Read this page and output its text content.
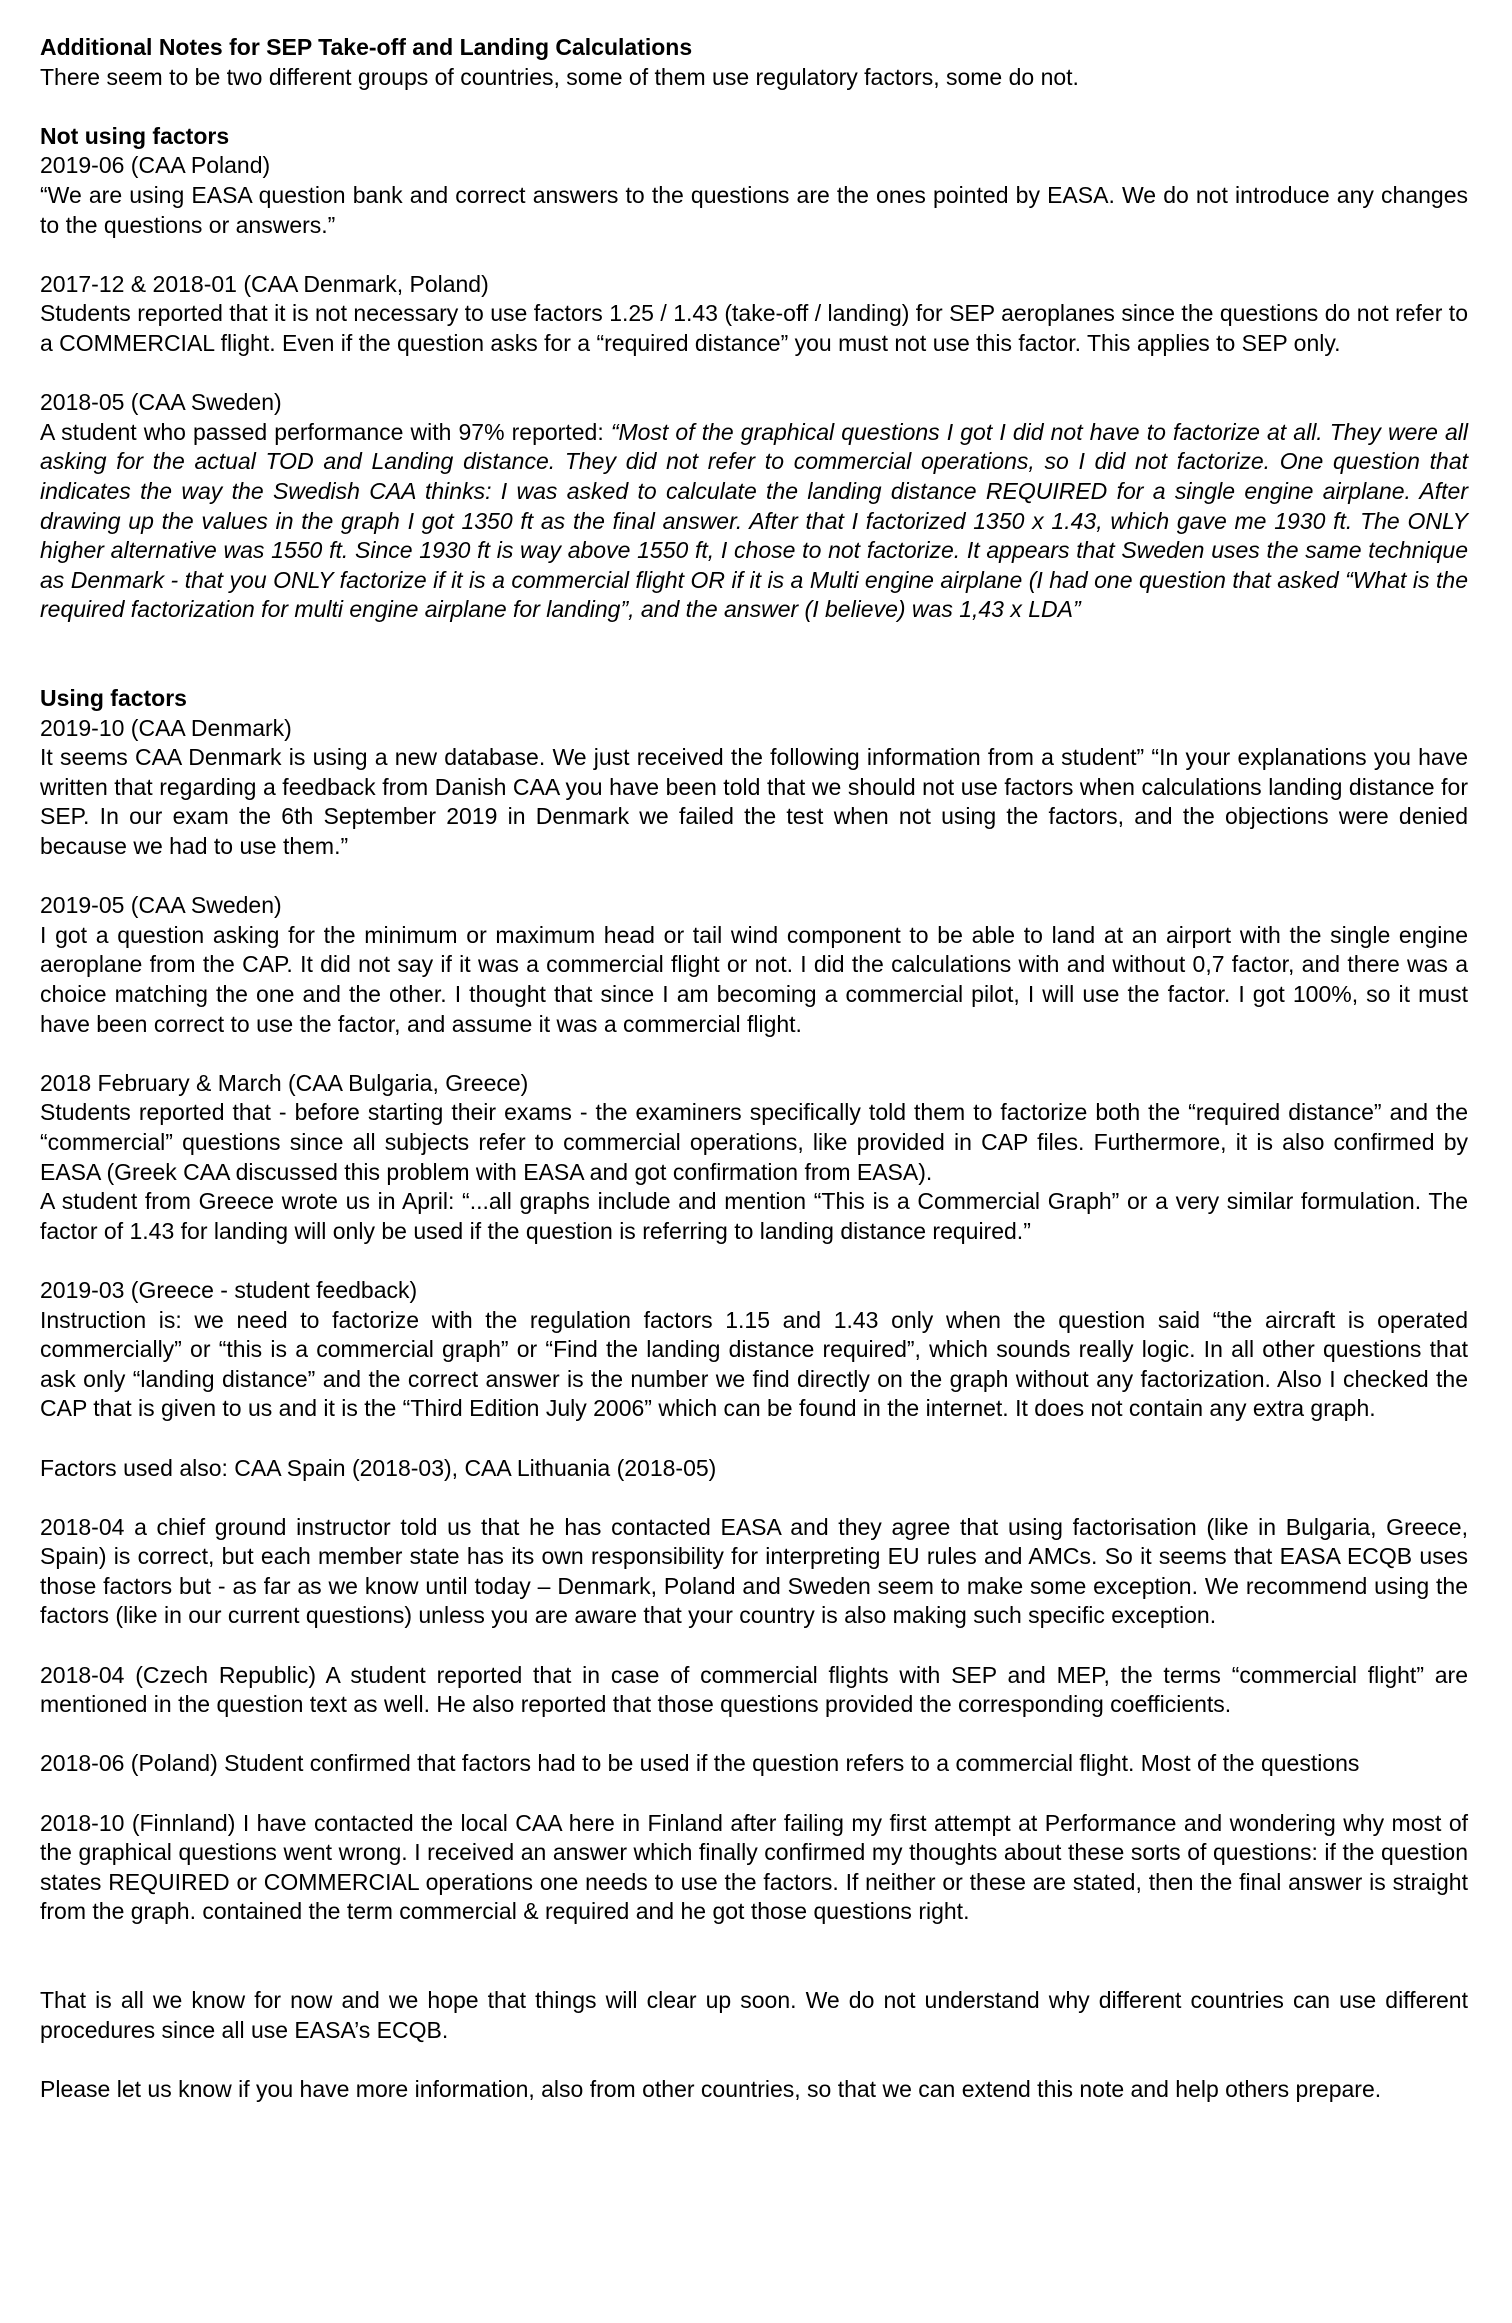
Additional Notes for SEP Take-off and Landing Calculations

There seem to be two different groups of countries, some of them use regulatory factors, some do not.

Not using factors

2019-06 (CAA Poland)

“We are using EASA question bank and correct answers to the questions are the ones pointed by EASA. We do not introduce any changes to the questions or answers.”

2017-12 & 2018-01 (CAA Denmark, Poland)

Students reported that it is not necessary to use factors 1.25 / 1.43 (take-off / landing) for SEP aeroplanes since the questions do not refer to a COMMERCIAL flight. Even if the question asks for a “required distance” you must not use this factor. This applies to SEP only.

2018-05 (CAA Sweden)

A student who passed performance with 97% reported: “Most of the graphical questions I got I did not have to factorize at all. They were all asking for the actual TOD and Landing distance. They did not refer to commercial operations, so I did not factorize. One question that indicates the way the Swedish CAA thinks: I was asked to calculate the landing distance REQUIRED for a single engine airplane. After drawing up the values in the graph I got 1350 ft as the final answer. After that I factorized 1350 x 1.43, which gave me 1930 ft. The ONLY higher alternative was 1550 ft. Since 1930 ft is way above 1550 ft, I chose to not factorize. It appears that Sweden uses the same technique as Denmark - that you ONLY factorize if it is a commercial flight OR if it is a Multi engine airplane (I had one question that asked “What is the required factorization for multi engine airplane for landing”, and the answer (I believe) was 1,43 x LDA”

Using factors

2019-10 (CAA Denmark)

It seems CAA Denmark is using a new database. We just received the following information from a student” “In your explanations you have written that regarding a feedback from Danish CAA you have been told that we should not use factors when calculations landing distance for SEP. In our exam the 6th September 2019 in Denmark we failed the test when not using the factors, and the objections were denied because we had to use them.”

2019-05 (CAA Sweden)

I got a question asking for the minimum or maximum head or tail wind component to be able to land at an airport with the single engine aeroplane from the CAP. It did not say if it was a commercial flight or not. I did the calculations with and without 0,7 factor, and there was a choice matching the one and the other. I thought that since I am becoming a commercial pilot, I will use the factor. I got 100%, so it must have been correct to use the factor, and assume it was a commercial flight.

2018 February & March (CAA Bulgaria, Greece)

Students reported that - before starting their exams - the examiners specifically told them to factorize both the “required distance” and the “commercial” questions since all subjects refer to commercial operations, like provided in CAP files. Furthermore, it is also confirmed by EASA (Greek CAA discussed this problem with EASA and got confirmation from EASA).

A student from Greece wrote us in April: “...all graphs include and mention “This is a Commercial Graph” or a very similar formulation. The factor of 1.43 for landing will only be used if the question is referring to landing distance required.”

2019-03 (Greece - student feedback)

Instruction is: we need to factorize with the regulation factors 1.15 and 1.43 only when the question said “the aircraft is operated commercially” or “this is a commercial graph” or “Find the landing distance required”, which sounds really logic. In all other questions that ask only “landing distance” and the correct answer is the number we find directly on the graph without any factorization. Also I checked the CAP that is given to us and it is the “Third Edition July 2006” which can be found in the internet. It does not contain any extra graph.

Factors used also: CAA Spain (2018-03), CAA Lithuania (2018-05)

2018-04 a chief ground instructor told us that he has contacted EASA and they agree that using factorisation (like in Bulgaria, Greece, Spain) is correct, but each member state has its own responsibility for interpreting EU rules and AMCs. So it seems that EASA ECQB uses those factors but - as far as we know until today – Denmark, Poland and Sweden seem to make some exception. We recommend using the factors (like in our current questions) unless you are aware that your country is also making such specific exception.

2018-04 (Czech Republic) A student reported that in case of commercial flights with SEP and MEP, the terms “commercial flight” are mentioned in the question text as well. He also reported that those questions provided the corresponding coefficients.

2018-06 (Poland) Student confirmed that factors had to be used if the question refers to a commercial flight. Most of the questions

2018-10 (Finnland) I have contacted the local CAA here in Finland after failing my first attempt at Performance and wondering why most of the graphical questions went wrong. I received an answer which finally confirmed my thoughts about these sorts of questions: if the question states REQUIRED or COMMERCIAL operations one needs to use the factors. If neither or these are stated, then the final answer is straight from the graph. contained the term commercial & required and he got those questions right.

That is all we know for now and we hope that things will clear up soon. We do not understand why different countries can use different procedures since all use EASA’s ECQB.

Please let us know if you have more information, also from other countries, so that we can extend this note and help others prepare.
